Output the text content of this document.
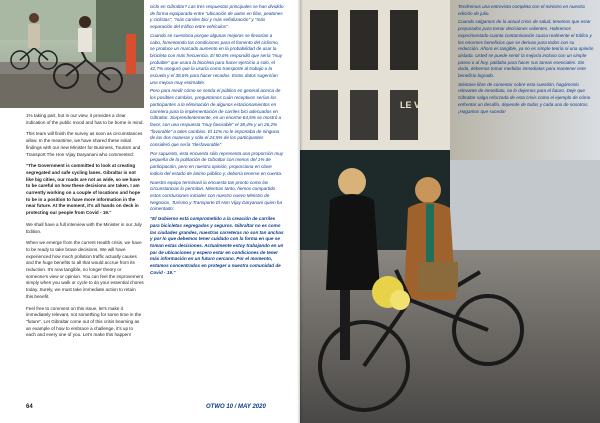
1% taking part, but in our view, it provides a clear indication of the public mood and has to be borne in mind.

This team will finish the survey as soon as circumstances allow. In the meantime, we have shared these initial findings with our new Minister for Business, Tourism and Transport The Hon Vijay Daryanani who commented:

"The Government is committed to look at creating segregated and safe cycling lanes. Gibraltar is not like big cities, our roads are not as wide, so we have to be careful on how these decisions are taken. I am currently working on a couple of locations and hope to be in a position to have more information in the near future. At the moment, it's all hands on deck in protecting our people from Covid - 19."

We shall have a full interview with the Minister in our July Edition.

When we emerge from the current Health crisis, we have to be ready to take brave decisions. We will have experienced how much pollution traffic actually causes and the huge benefits to all that would accrue from its reduction. It's now tangible, no longer theory or someone's view or opinion. You can feel the improvement simply when you walk or cycle to do your essential chores today. Surely, we must take immediate action to retain this benefit.

Feel free to comment on this issue, let's make it immediately relevant, not something for some time in the "future". Let Gibraltar come out of this crisis beaming as an example of how to embrace a challenge, it's up to each and every one of you. Let's make this happen!

ciclo en Gibraltar? Las tres respuestas principales se han dividido de forma equiparada entre "ubicación de autos en filas, peatones y ciclistas", "más carriles bici y más señalización" y "más separación del tráfico entre vehículos".

Cuando se cuestiona porque algunas mejoras se llevarían a cabo, fomentando las condiciones para el fomento del ciclismo, se produce un marcado aumento en la probabilidad de usar la bicicleta con más frecuencia. El 50,6% respondió que sería "muy probable" que usara la bicicleta para hacer ejercicio a solo, el 42,7% aseguró que la usaría como transporte al trabajo o la escuela y el 38,6% para hacer recados. Estos datos sugerirían una mejora muy estimable.

Pero para medir cómo se sentía el público en general acerca de los posibles cambios, preguntamos cuán receptivos serían los participantes a la eliminación de algunos estacionamientos en carretera para la implementación de carriles bici adecuados en Gibraltar. Sorprendentemente, en un enorme 64,5% se mostró a favor, con una respuesta "muy favorable" el 38,4% y un 26,2% "favorable" a tales cambios. El 11% no le importaba de ninguna de las dos maneras y sólo el 24,5% de los participantes consideró que sería "desfavorable".

Por supuesto, esta encuesta sólo representa una proporción muy pequeña de la población de Gibraltar con menos del 1% de participación, pero en nuestra opinión, proporciona en clave indicio del estado de ánimo público y, debería tenerse en cuenta.

Nuestro equipo terminará la encuesta tan pronto como las circunstancias lo permitan. Mientras tanto, hemos compartido estos conclusiones iniciales con nuestro nuevo Ministro de Negocios, Turismo y Transporte El Hon Vijay Daryanani quien ha comentado:

"El Gobierno está comprometido a la creación de carriles para bicicletas segregados y seguros. Gibraltar no es como las ciudades grandes, nuestras carreteras no son tan anchas y por lo que debemos tener cuidado con la forma en que se toman estas decisiones. Actualmente estoy trabajando en un par de ubicaciones y espero estar en condiciones de tener más información en un futuro cercano. Por el momento, estamos concentrados en proteger a nuestra comunidad de Covid - 19."

64	OTWO 10 / MAY 2020
LE VINO

Tendremos una entrevista completa con el ministro en nuestra edición de julio.

Cuando salgamos de la actual crisis de salud, tenemos que estar preparados para tomar decisiones valientes. Habremos experimentado cuanta contaminación causa realmente el tráfico y los enormes beneficios que se derivan para todos con su reducción. Ahora es tangible, ya no es simple teoría ni una opinión aislada. Usted se puede sentir la mejoría incluso con un simple paseo o al hoy, paldaba para hacer sus tareas esenciales. Sin duda, debemos tomar medidas inmediatas para mantener este beneficio logrado.

Siéntase libre de comentar sobre esta cuestión, hagámoslo relevante de inmediato, no lo dejemos para el futuro. Deje que Gibraltar salga reforzada de esta crisis como el ejemplo de cómo enfrentar un desafío, depende de todos y cada uno de nosotros. ¡Hagamos que suceda!
